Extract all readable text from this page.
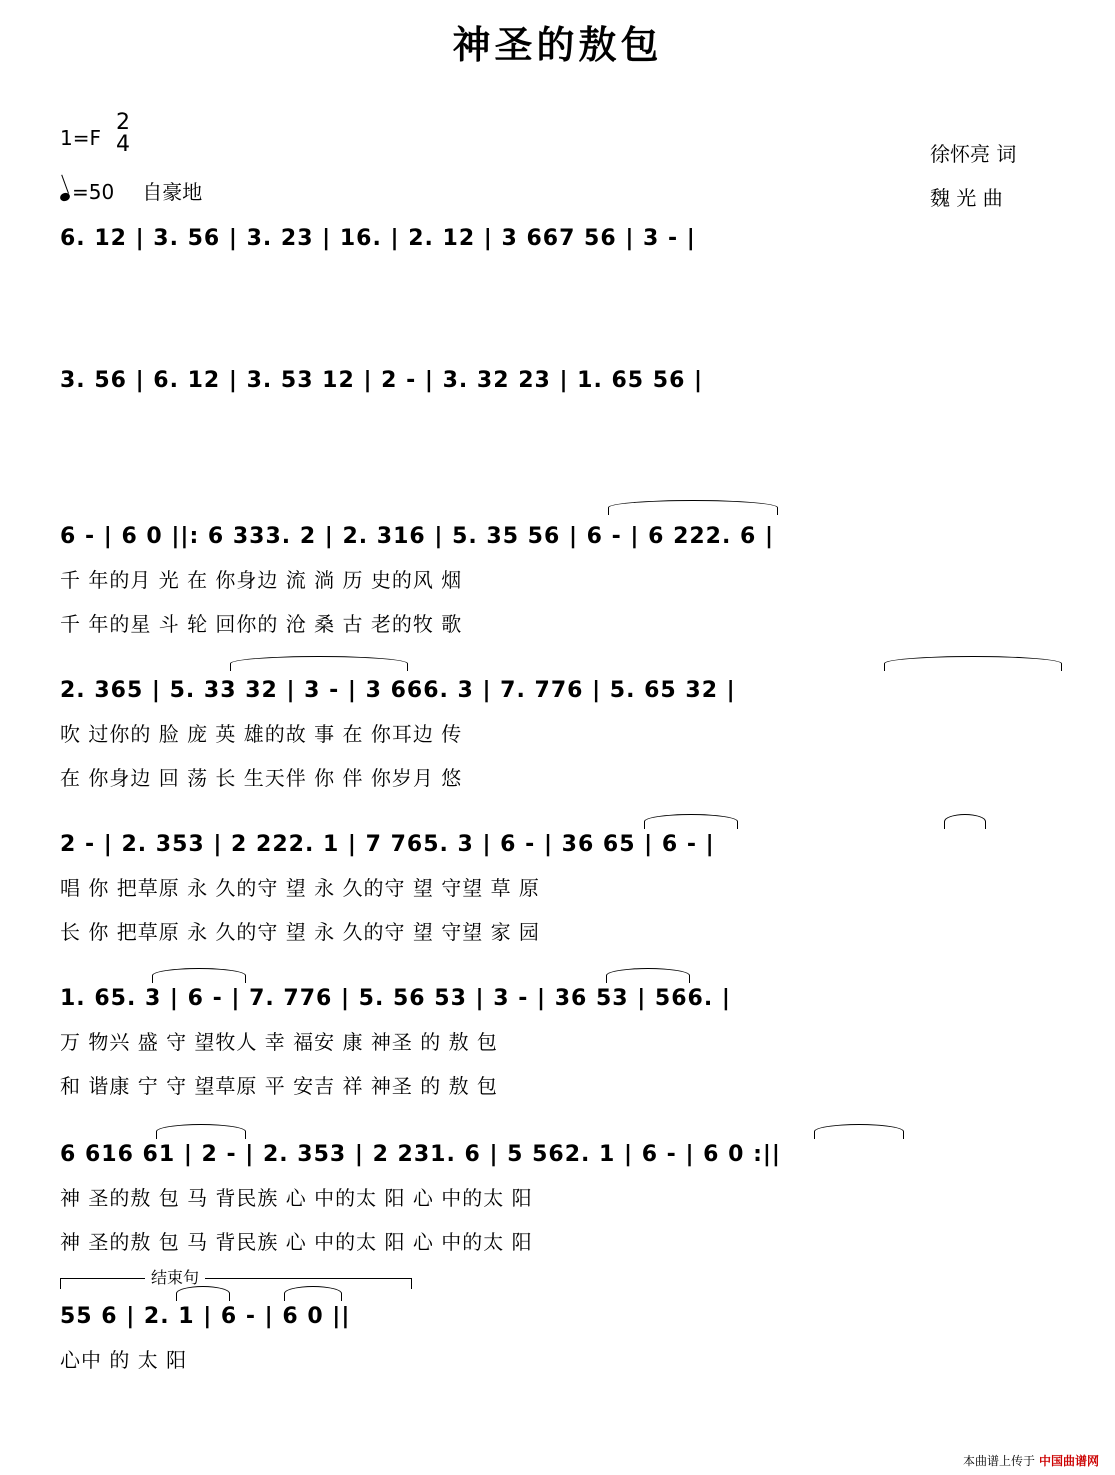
神圣的敖包
1=F
2
4
=50 自豪地
徐怀亮 词
魏 光 曲
6. 12 | 3. 56 | 3. 23 | 16. | 2. 12 | 3 667 56 | 3 - |
3. 56 | 6. 12 | 3. 53 12 | 2 - | 3. 32 23 | 1. 65 56 |
6 - | 6 0 ||: 6 333. 2 | 2. 316 | 5. 35 56 | 6 - | 6 222. 6 |
千 年的月 光 在 你身边 流 淌 历 史的风 烟
千 年的星 斗 轮 回你的 沧 桑 古 老的牧 歌
2. 365 | 5. 33 32 | 3 - | 3 666. 3 | 7. 776 | 5. 65 32 |
吹 过你的 脸 庞 英 雄的故 事 在 你耳边 传
在 你身边 回 荡 长 生天伴 你 伴 你岁月 悠
2 - | 2. 353 | 2 222. 1 | 7 765. 3 | 6 - | 36 65 | 6 - |
唱 你 把草原 永 久的守 望 永 久的守 望 守望 草 原
长 你 把草原 永 久的守 望 永 久的守 望 守望 家 园
1. 65. 3 | 6 - | 7. 776 | 5. 56 53 | 3 - | 36 53 | 566. |
万 物兴 盛 守 望牧人 幸 福安 康 神圣 的 敖 包
和 谐康 宁 守 望草原 平 安吉 祥 神圣 的 敖 包
6 616 61 | 2 - | 2. 353 | 2 231. 6 | 5 562. 1 | 6 - | 6 0 :||
神 圣的敖 包 马 背民族 心 中的太 阳 心 中的太 阳
神 圣的敖 包 马 背民族 心 中的太 阳 心 中的太 阳
结束句
55 6 | 2. 1 | 6 - | 6 0 ||
心中 的 太 阳
本曲谱上传于 中国曲谱网
